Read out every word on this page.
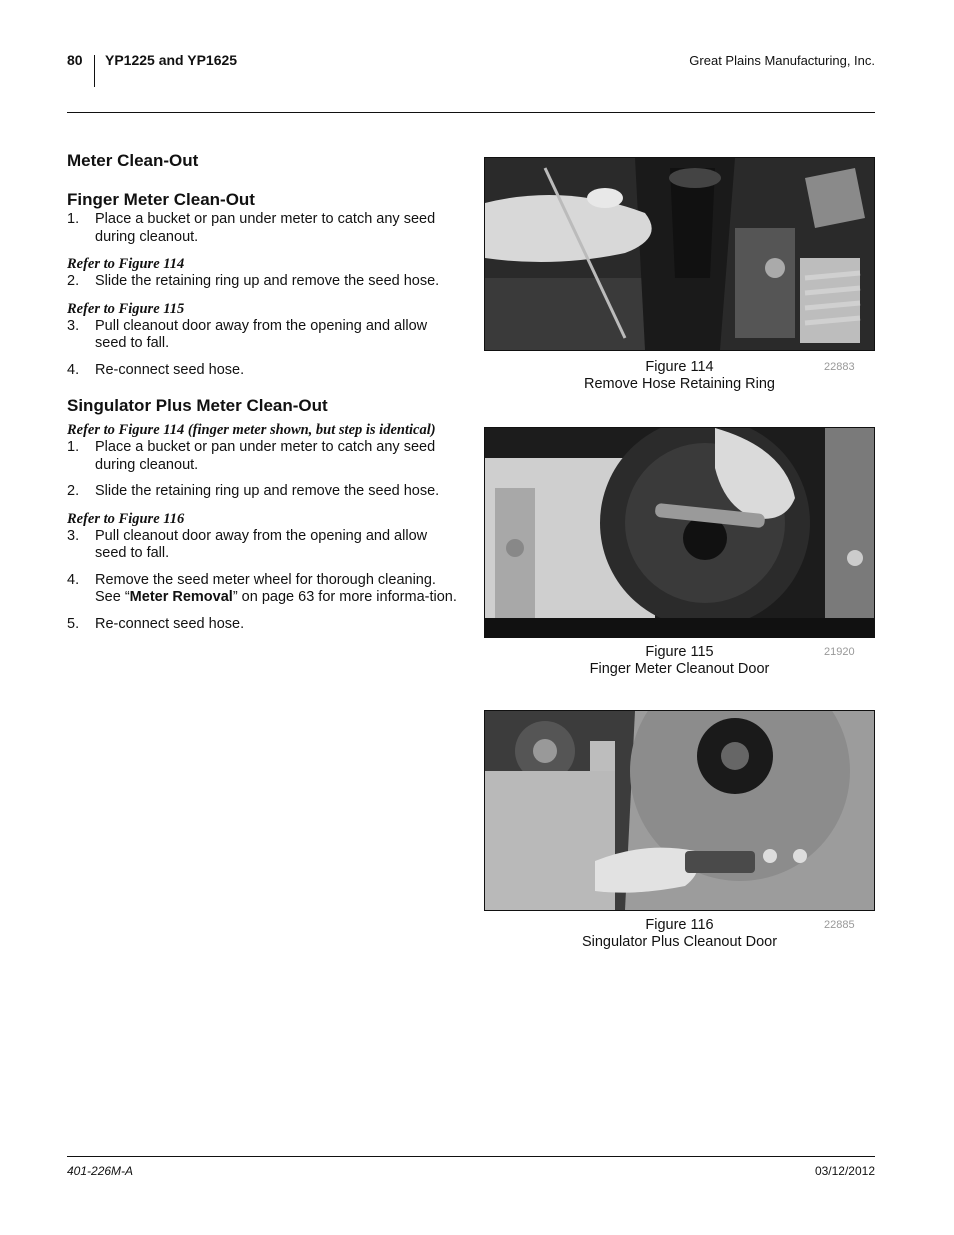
80 YP1225 and YP1625	Great Plains Manufacturing, Inc.
Meter Clean-Out
Finger Meter Clean-Out
1.	Place a bucket or pan under meter to catch any seed during cleanout.
Refer to Figure 114
2.	Slide the retaining ring up and remove the seed hose.
Refer to Figure 115
3.	Pull cleanout door away from the opening and allow seed to fall.
4.	Re-connect seed hose.
Singulator Plus Meter Clean-Out
Refer to Figure 114 (finger meter shown, but step is identical)
1.	Place a bucket or pan under meter to catch any seed during cleanout.
2.	Slide the retaining ring up and remove the seed hose.
Refer to Figure 116
3.	Pull cleanout door away from the opening and allow seed to fall.
4.	Remove the seed meter wheel for thorough cleaning. See “Meter Removal” on page 63 for more informa-tion.
5.	Re-connect seed hose.
Figure 114
Remove Hose Retaining Ring
22883
Figure 115
Finger Meter Cleanout Door
21920
Figure 116
Singulator Plus Cleanout Door
22885
401-226M-A	03/12/2012
